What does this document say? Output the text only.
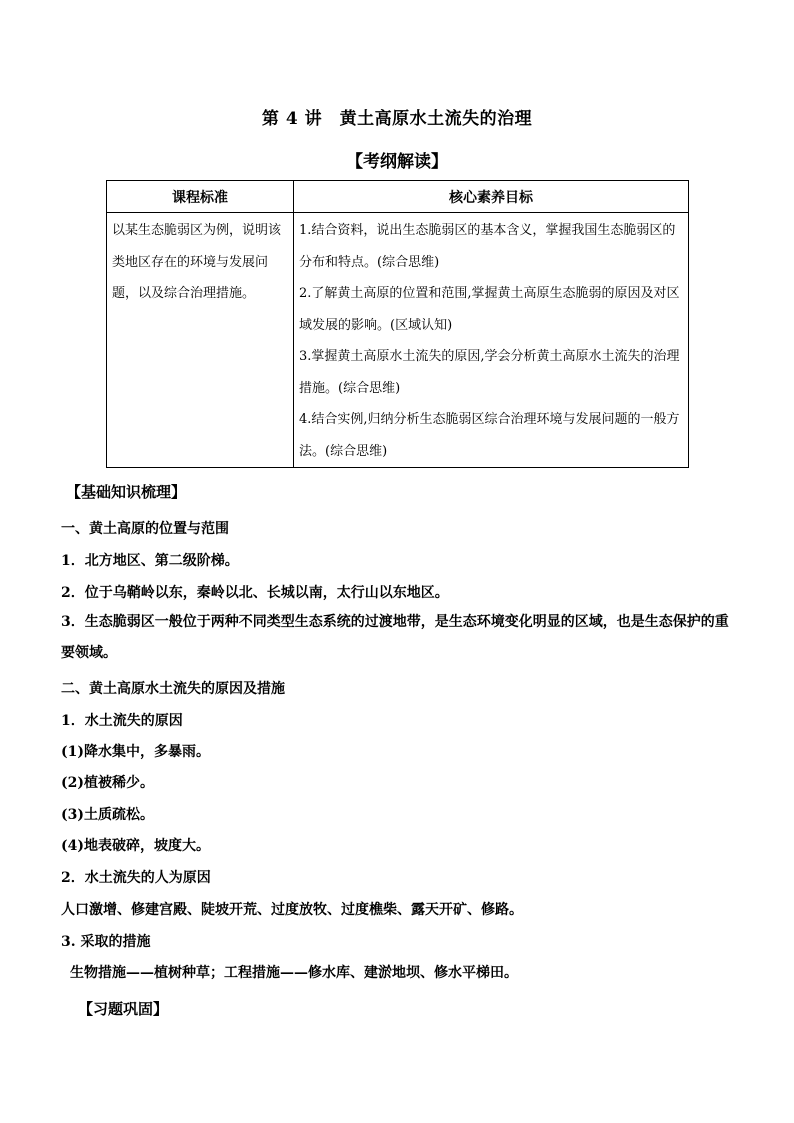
第 4 讲　黄土高原水土流失的治理
【考纲解读】
课程标准	核心素养目标
以某生态脆弱区为例，说明该类地区存在的环境与发展问题，以及综合治理措施。	1.结合资料，说出生态脆弱区的基本含义，掌握我国生态脆弱区的分布和特点。(综合思维)
2.了解黄土高原的位置和范围,掌握黄土高原生态脆弱的原因及对区域发展的影响。(区域认知)
3.掌握黄土高原水土流失的原因,学会分析黄土高原水土流失的治理措施。(综合思维)
4.结合实例,归纳分析生态脆弱区综合治理环境与发展问题的一般方法。(综合思维)
【基础知识梳理】
一、黄土高原的位置与范围
1．北方地区、第二级阶梯。
2．位于乌鞘岭以东，秦岭以北、长城以南，太行山以东地区。
3．生态脆弱区一般位于两种不同类型生态系统的过渡地带，是生态环境变化明显的区域，也是生态保护的重要领域。
二、黄土高原水土流失的原因及措施
1．水土流失的原因
(1)降水集中，多暴雨。
(2)植被稀少。
(3)土质疏松。
(4)地表破碎，坡度大。
2．水土流失的人为原因
人口激增、修建宫殿、陡坡开荒、过度放牧、过度樵柴、露天开矿、修路。
3. 采取的措施
生物措施——植树种草；工程措施——修水库、建淤地坝、修水平梯田。
【习题巩固】
